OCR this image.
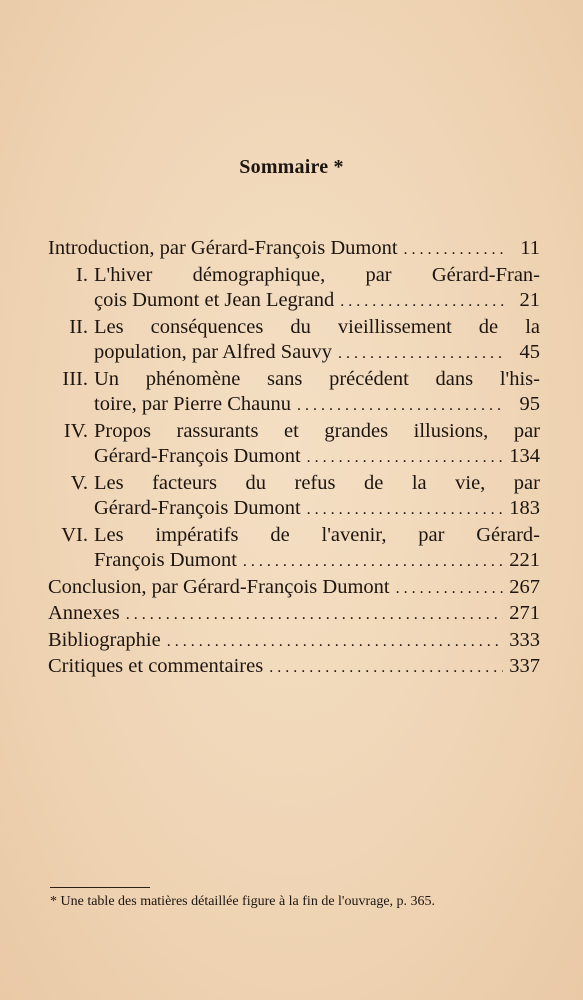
Sommaire *
Introduction, par Gérard-François Dumont . . .	11
I. L'hiver démographique, par Gérard-Fran-
çois Dumont et Jean Legrand . . .	21
II. Les conséquences du vieillissement de la
population, par Alfred Sauvy . . .	45
III. Un phénomène sans précédent dans l'his-
toire, par Pierre Chaunu . . .	95
IV. Propos rassurants et grandes illusions, par
Gérard-François Dumont . . .	134
V. Les facteurs du refus de la vie, par
Gérard-François Dumont . . .	183
VI. Les impératifs de l'avenir, par Gérard-
François Dumont . . .	221
Conclusion, par Gérard-François Dumont . . .	267
Annexes . . .	271
Bibliographie . . .	333
Critiques et commentaires . . .	337
* Une table des matières détaillée figure à la fin de l'ouvrage, p. 365.
